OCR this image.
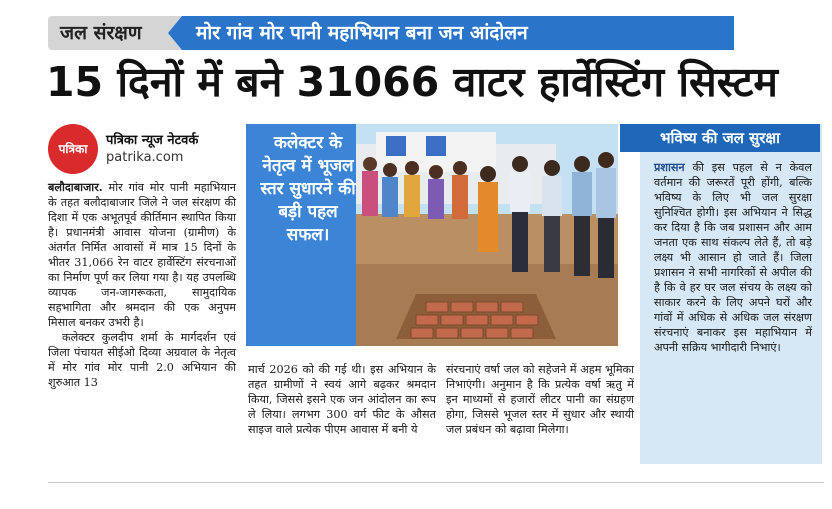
जल संरक्षण	मोर गांव मोर पानी महाभियान बना जन आंदोलन
15 दिनों में बने 31066 वाटर हार्वेस्टिंग सिस्टम
पत्रिका
पत्रिका न्यूज नेटवर्क
patrika.com

बलौदाबाजार. मोर गांव मोर पानी महाभियान के तहत बलौदाबाजार जिले ने जल संरक्षण की दिशा में एक अभूतपूर्व कीर्तिमान स्थापित किया है। प्रधानमंत्री आवास योजना (ग्रामीण) के अंतर्गत निर्मित आवासों में मात्र 15 दिनों के भीतर 31,066 रेन वाटर हार्वेस्टिंग संरचनाओं का निर्माण पूर्ण कर लिया गया है। यह उपलब्धि व्यापक जन-जागरूकता, सामुदायिक सहभागिता और श्रमदान की एक अनुपम मिसाल बनकर उभरी है।

कलेक्टर कुलदीप शर्मा के मार्गदर्शन एवं जिला पंचायत सीईओ दिव्या अग्रवाल के नेतृत्व में मोर गांव मोर पानी 2.0 अभियान की शुरुआत 13

कलेक्टर के नेतृत्व में भूजल स्तर सुधारने की बड़ी पहल सफल।

मार्च 2026 को की गई थी। इस अभियान के तहत ग्रामीणों ने स्वयं आगे बढ़कर श्रमदान किया, जिससे इसने एक जन आंदोलन का रूप ले लिया। लगभग 300 वर्ग फीट के औसत साइज वाले प्रत्येक पीएम आवास में बनी ये

संरचनाएं वर्षा जल को सहेजने में अहम भूमिका निभाएंगी। अनुमान है कि प्रत्येक वर्षा ऋतु में इन माध्यमों से हजारों लीटर पानी का संग्रहण होगा, जिससे भूजल स्तर में सुधार और स्थायी जल प्रबंधन को बढ़ावा मिलेगा।

भविष्य की जल सुरक्षा

प्रशासन की इस पहल से न केवल वर्तमान की जरूरतें पूरी होंगी, बल्कि भविष्य के लिए भी जल सुरक्षा सुनिश्चित होगी। इस अभियान ने सिद्ध कर दिया है कि जब प्रशासन और आम जनता एक साथ संकल्प लेते हैं, तो बड़े लक्ष्य भी आसान हो जाते हैं। जिला प्रशासन ने सभी नागरिकों से अपील की है कि वे हर घर जल संचय के लक्ष्य को साकार करने के लिए अपने घरों और गांवों में अधिक से अधिक जल संरक्षण संरचनाएं बनाकर इस महाभियान में अपनी सक्रिय भागीदारी निभाएं।
